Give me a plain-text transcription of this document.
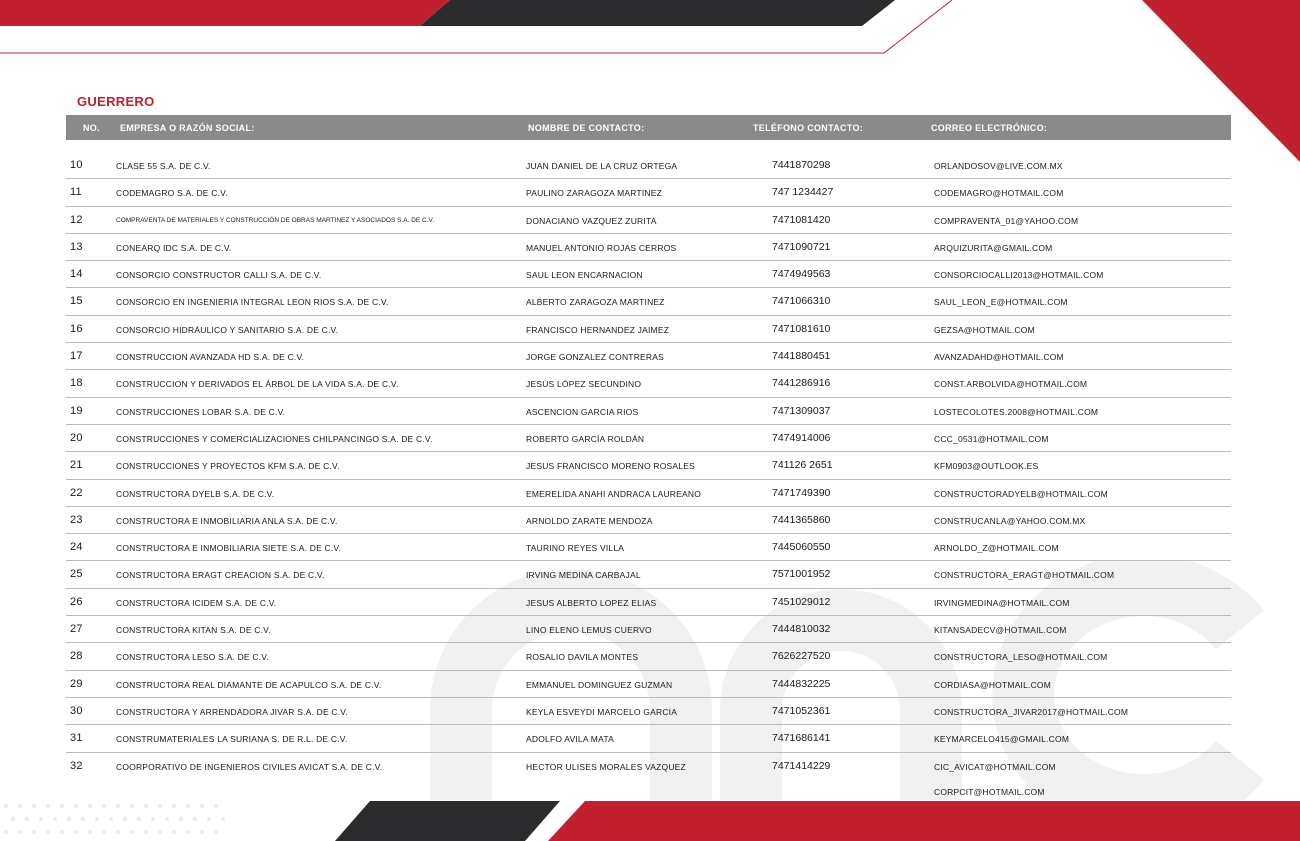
GUERRERO
NO. EMPRESA O RAZÓN SOCIAL:	NOMBRE DE CONTACTO:	TELÉFONO CONTACTO:	CORREO ELECTRÓNICO:
10	CLASE 55 S.A. DE C.V.	JUAN DANIEL DE LA CRUZ ORTEGA	7441870298	ORLANDOSOV@LIVE.COM.MX
11	CODEMAGRO S.A. DE C.V.	PAULINO ZARAGOZA MARTINEZ	747 1234427	CODEMAGRO@HOTMAIL.COM
12	COMPRAVENTA DE MATERIALES Y CONSTRUCCIÓN DE OBRAS MARTINEZ Y ASOCIADOS S.A. DE C.V.	DONACIANO VAZQUEZ ZURITA	7471081420	COMPRAVENTA_01@YAHOO.COM
13	CONEARQ IDC S.A. DE C.V.	MANUEL ANTONIO ROJAS CERROS	7471090721	ARQUIZURITA@GMAIL.COM
14	CONSORCIO CONSTRUCTOR CALLI S.A. DE C.V.	SAUL LEON ENCARNACION	7474949563	CONSORCIOCALLI2013@HOTMAIL.COM
15	CONSORCIO EN INGENIERIA INTEGRAL LEON RIOS S.A. DE C.V.	ALBERTO ZARAGOZA MARTINEZ	7471066310	SAUL_LEON_E@HOTMAIL.COM
16	CONSORCIO HIDRÁULICO Y SANITARIO S.A. DE C.V.	FRANCISCO HERNANDEZ JAIMEZ	7471081610	GEZSA@HOTMAIL.COM
17	CONSTRUCCION AVANZADA HD S.A. DE C.V.	JORGE GONZALEZ CONTRERAS	7441880451	AVANZADAHD@HOTMAIL.COM
18	CONSTRUCCION Y DERIVADOS EL ÁRBOL DE LA VIDA S.A. DE C.V.	JESÚS LÓPEZ SECUNDINO	7441286916	CONST.ARBOLVIDA@HOTMAIL.COM
19	CONSTRUCCIONES LOBAR S.A. DE C.V.	ASCENCION GARCIA RIOS	7471309037	LOSTECOLOTES.2008@HOTMAIL.COM
20	CONSTRUCCIONES Y COMERCIALIZACIONES CHILPANCINGO S.A. DE C.V.	ROBERTO GARCÍA ROLDÁN	7474914006	CCC_0531@HOTMAIL.COM
21	CONSTRUCCIONES Y PROYECTOS KFM S.A. DE C.V.	JESUS FRANCISCO MORENO ROSALES	741126 2651	KFM0903@OUTLOOK.ES
22	CONSTRUCTORA DYELB S.A. DE C.V.	EMERELIDA ANAHI ANDRACA LAUREANO	7471749390	CONSTRUCTORADYELB@HOTMAIL.COM
23	CONSTRUCTORA E INMOBILIARIA ANLA S.A. DE C.V.	ARNOLDO ZARATE MENDOZA	7441365860	CONSTRUCANLA@YAHOO.COM.MX
24	CONSTRUCTORA E INMOBILIARIA SIETE S.A. DE C.V.	TAURINO REYES VILLA	7445060550	ARNOLDO_Z@HOTMAIL.COM
25	CONSTRUCTORA ERAGT CREACION S.A. DE C.V.	IRVING MEDINA CARBAJAL	7571001952	CONSTRUCTORA_ERAGT@HOTMAIL.COM
26	CONSTRUCTORA ICIDEM S.A. DE C.V.	JESUS ALBERTO LOPEZ ELIAS	7451029012	IRVINGMEDINA@HOTMAIL.COM
27	CONSTRUCTORA KITAN S.A. DE C.V.	LINO ELENO LEMUS CUERVO	7444810032	KITANSADECV@HOTMAIL.COM
28	CONSTRUCTORA LESO S.A. DE C.V.	ROSALIO DAVILA MONTES	7626227520	CONSTRUCTORA_LESO@HOTMAIL.COM
29	CONSTRUCTORA REAL DIAMANTE DE ACAPULCO S.A. DE C.V.	EMMANUEL DOMINGUEZ GUZMAN	7444832225	CORDIASA@HOTMAIL.COM
30	CONSTRUCTORA Y ARRENDADORA JIVAR S.A. DE C.V.	KEYLA ESVEYDI MARCELO GARCIA	7471052361	CONSTRUCTORA_JIVAR2017@HOTMAIL.COM
31	CONSTRUMATERIALES LA SURIANA S. DE R.L. DE C.V.	ADOLFO AVILA MATA	7471686141	KEYMARCELO415@GMAIL.COM
32	COORPORATIVO DE INGENIEROS CIVILES AVICAT S.A. DE C.V.	HECTOR ULISES MORALES VAZQUEZ	7471414229	CIC_AVICAT@HOTMAIL.COM
CORPCIT@HOTMAIL.COM
